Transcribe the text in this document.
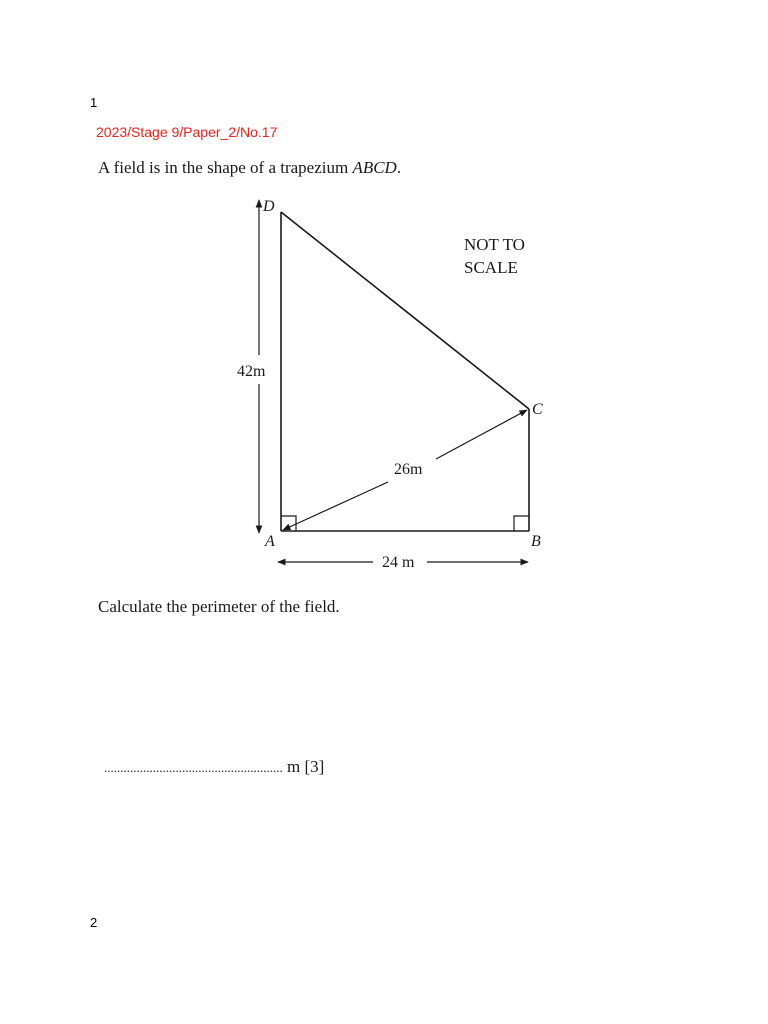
1
2023/Stage 9/Paper_2/No.17
A field is in the shape of a trapezium ABCD.
26m
42m
24 m
D
C
A	B
NOT TO
SCALE
Calculate the perimeter of the field.
....................................................... m [3]
2
